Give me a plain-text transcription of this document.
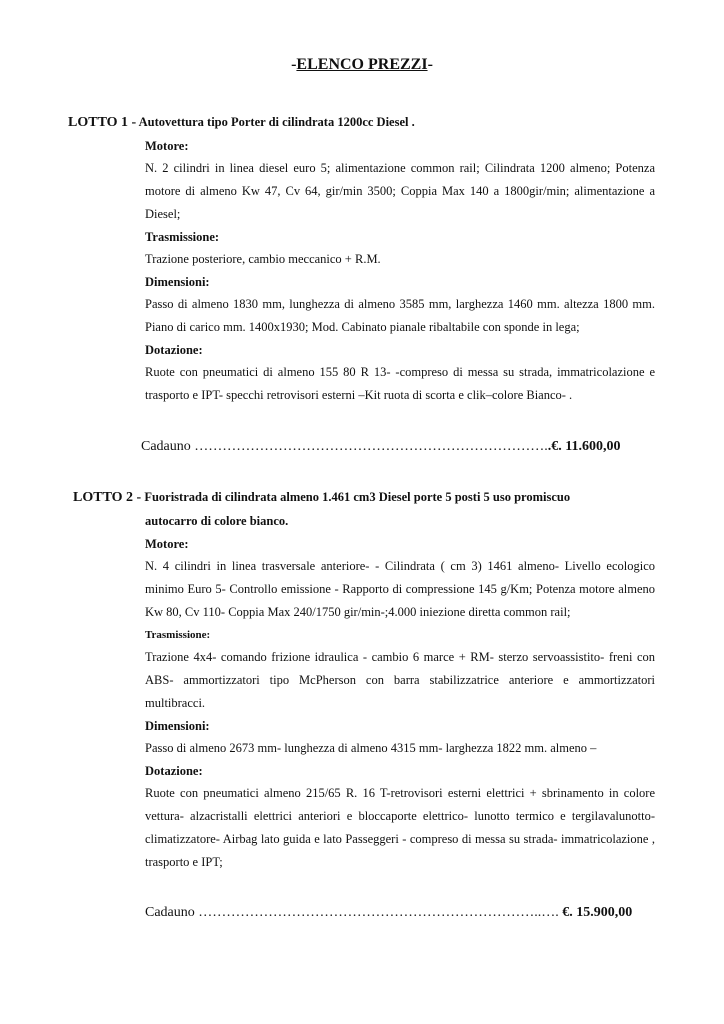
-ELENCO PREZZI-
LOTTO 1 - Autovettura tipo Porter di cilindrata 1200cc Diesel .
Motore:
N. 2 cilindri in linea diesel euro 5; alimentazione common rail; Cilindrata 1200 almeno; Potenza motore di almeno Kw 47, Cv 64, gir/min 3500; Coppia Max 140 a 1800gir/min; alimentazione a Diesel;
Trasmissione:
Trazione posteriore, cambio meccanico + R.M.
Dimensioni:
Passo di almeno 1830 mm, lunghezza di almeno 3585 mm, larghezza 1460 mm. altezza 1800 mm. Piano di carico mm. 1400x1930; Mod. Cabinato pianale ribaltabile con sponde in lega;
Dotazione:
Ruote con pneumatici di almeno 155 80 R 13- -compreso di messa su strada, immatricolazione e trasporto e IPT- specchi retrovisori esterni –Kit ruota di scorta e clik–colore Bianco- .
Cadauno …………………………………………………………………..€. 11.600,00
LOTTO 2 - Fuoristrada di cilindrata almeno 1.461 cm3 Diesel porte 5 posti 5 uso promiscuo
autocarro di colore bianco.
Motore:
N. 4 cilindri in linea trasversale anteriore- - Cilindrata ( cm 3) 1461 almeno- Livello ecologico minimo Euro 5- Controllo emissione - Rapporto di compressione 145 g/Km; Potenza motore almeno Kw 80, Cv 110- Coppia Max 240/1750 gir/min-;4.000 iniezione diretta common rail;
Trasmissione:
Trazione 4x4- comando frizione idraulica - cambio 6 marce + RM- sterzo servoassistito- freni con ABS- ammortizzatori tipo McPherson con barra stabilizzatrice anteriore e ammortizzatori multibracci.
Dimensioni:
Passo di almeno 2673 mm- lunghezza di almeno 4315 mm- larghezza 1822 mm. almeno –
Dotazione:
Ruote con pneumatici almeno 215/65 R. 16 T-retrovisori esterni elettrici + sbrinamento in colore vettura- alzacristalli elettrici anteriori e bloccaporte elettrico- lunotto termico e tergilavalunotto- climatizzatore- Airbag lato guida e lato Passeggeri - compreso di messa su strada- immatricolazione , trasporto e IPT;
Cadauno ………………………………………………………………..…. €. 15.900,00
